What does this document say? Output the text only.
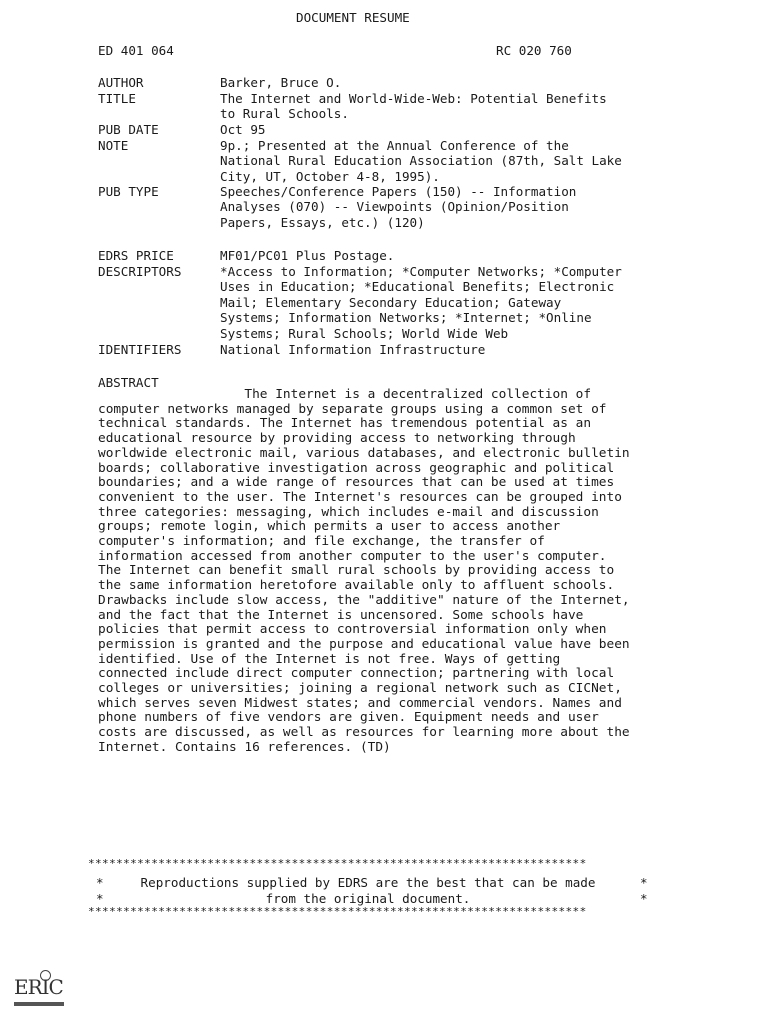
DOCUMENT RESUME
ED 401 064	RC 020 760
AUTHOR	Barker, Bruce O.
TITLE	The Internet and World-Wide-Web: Potential Benefits
to Rural Schools.
PUB DATE	Oct 95
NOTE	9p.; Presented at the Annual Conference of the
National Rural Education Association (87th, Salt Lake
City, UT, October 4-8, 1995).
PUB TYPE	Speeches/Conference Papers (150) -- Information
Analyses (070) -- Viewpoints (Opinion/Position
Papers, Essays, etc.) (120)
EDRS PRICE	MF01/PC01 Plus Postage.
DESCRIPTORS	*Access to Information; *Computer Networks; *Computer
Uses in Education; *Educational Benefits; Electronic
Mail; Elementary Secondary Education; Gateway
Systems; Information Networks; *Internet; *Online
Systems; Rural Schools; World Wide Web
IDENTIFIERS	National Information Infrastructure
ABSTRACT
The Internet is a decentralized collection of
computer networks managed by separate groups using a common set of
technical standards. The Internet has tremendous potential as an
educational resource by providing access to networking through
worldwide electronic mail, various databases, and electronic bulletin
boards; collaborative investigation across geographic and political
boundaries; and a wide range of resources that can be used at times
convenient to the user. The Internet's resources can be grouped into
three categories: messaging, which includes e-mail and discussion
groups; remote login, which permits a user to access another
computer's information; and file exchange, the transfer of
information accessed from another computer to the user's computer.
The Internet can benefit small rural schools by providing access to
the same information heretofore available only to affluent schools.
Drawbacks include slow access, the "additive" nature of the Internet,
and the fact that the Internet is uncensored. Some schools have
policies that permit access to controversial information only when
permission is granted and the purpose and educational value have been
identified. Use of the Internet is not free. Ways of getting
connected include direct computer connection; partnering with local
colleges or universities; joining a regional network such as CICNet,
which serves seven Midwest states; and commercial vendors. Names and
phone numbers of five vendors are given. Equipment needs and user
costs are discussed, as well as resources for learning more about the
Internet. Contains 16 references. (TD)
***********************************************************************
*	Reproductions supplied by EDRS are the best that can be made	*
*	from the original document.	*
***********************************************************************
ERIC
